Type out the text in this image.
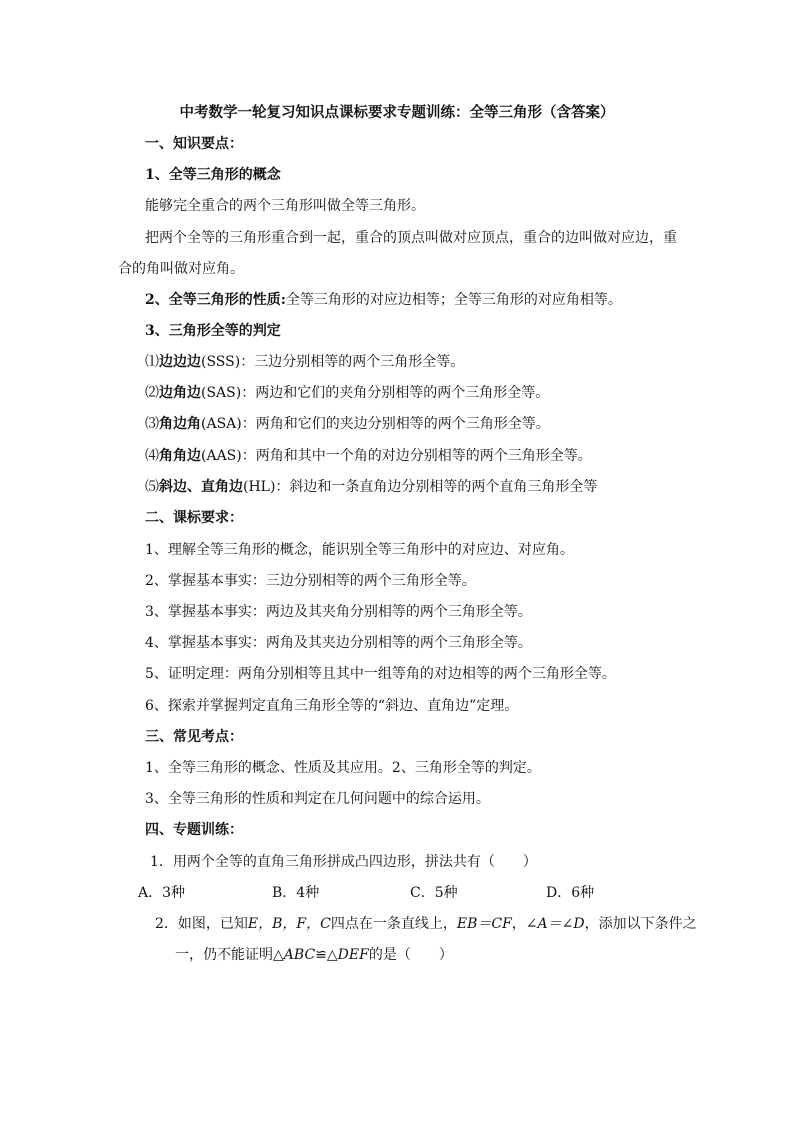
中考数学一轮复习知识点课标要求专题训练：全等三角形（含答案）
一、知识要点：
1、全等三角形的概念
能够完全重合的两个三角形叫做全等三角形。
把两个全等的三角形重合到一起，重合的顶点叫做对应顶点，重合的边叫做对应边，重
合的角叫做对应角。
2、全等三角形的性质:全等三角形的对应边相等；全等三角形的对应角相等。
3、三角形全等的判定
⑴边边边(SSS)：三边分别相等的两个三角形全等。
⑵边角边(SAS)：两边和它们的夹角分别相等的两个三角形全等。
⑶角边角(ASA)：两角和它们的夹边分别相等的两个三角形全等。
⑷角角边(AAS)：两角和其中一个角的对边分别相等的两个三角形全等。
⑸斜边、直角边(HL)：斜边和一条直角边分别相等的两个直角三角形全等
二、课标要求：
1、理解全等三角形的概念，能识别全等三角形中的对应边、对应角。
2、掌握基本事实：三边分别相等的两个三角形全等。
3、掌握基本事实：两边及其夹角分别相等的两个三角形全等。
4、掌握基本事实：两角及其夹边分别相等的两个三角形全等。
5、证明定理：两角分别相等且其中一组等角的对边相等的两个三角形全等。
6、探索并掌握判定直角三角形全等的“斜边、直角边”定理。
三、常见考点：
1、全等三角形的概念、性质及其应用。2、三角形全等的判定。
3、全等三角形的性质和判定在几何问题中的综合运用。
四、专题训练：
1．用两个全等的直角三角形拼成凸四边形，拼法共有（　　）
A．3种	B．4种	C．5种	D．6种
2．如图，已知E，B，F，C四点在一条直线上，EB＝CF，∠A＝∠D，添加以下条件之
一，仍不能证明△ABC≌△DEF的是（　　）
